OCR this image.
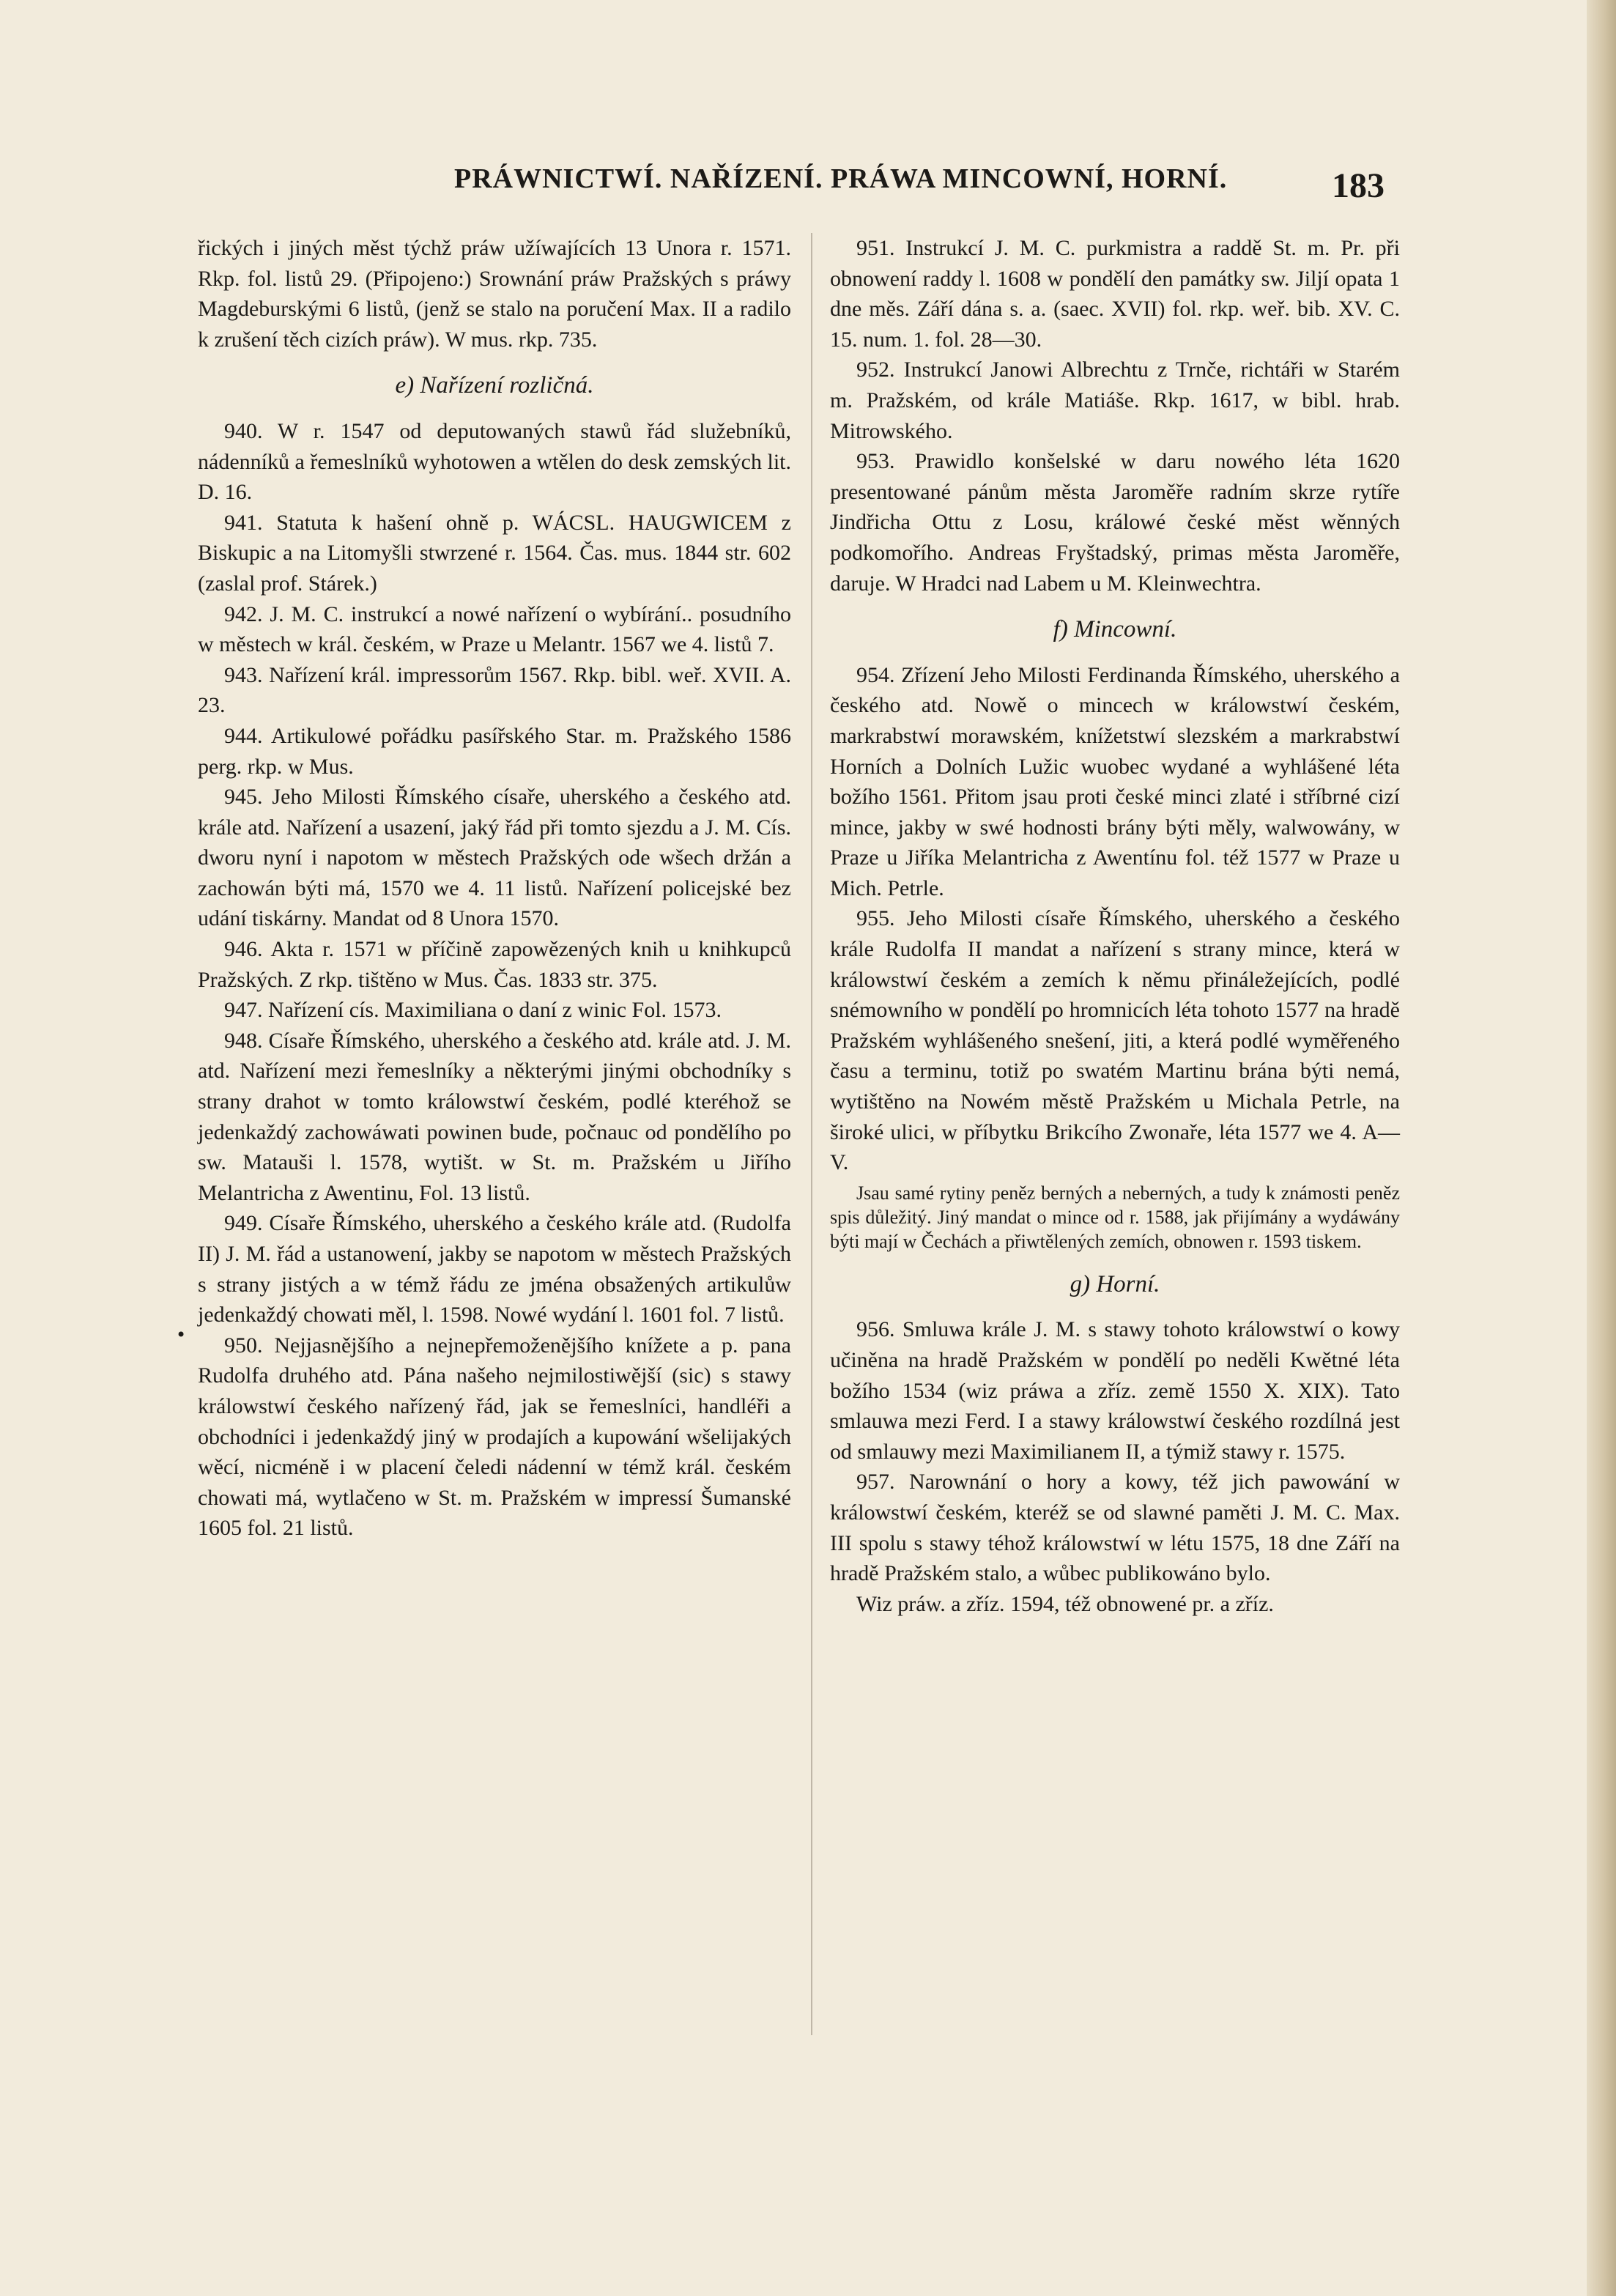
PRÁWNICTWÍ. NAŘÍZENÍ. PRÁWA MINCOWNÍ, HORNÍ.	183

řických i jiných měst týchž práw užíwajících 13 Unora r. 1571. Rkp. fol. listů 29. (Připojeno:) Srownání práw Pražských s práwy Magdeburskými 6 listů, (jenž se stalo na poručení Max. II a radilo k zrušení těch cizích práw). W mus. rkp. 735.

e) Nařízení rozličná.

940. W r. 1547 od deputowaných stawů řád služebníků, nádenníků a řemeslníků wyhotowen a wtělen do desk zemských lit. D. 16.

941. Statuta k hašení ohně p. WÁCSL. HAUGWICEM z Biskupic a na Litomyšli stwrzené r. 1564. Čas. mus. 1844 str. 602 (zaslal prof. Stárek.)

942. J. M. C. instrukcí a nowé nařízení o wybírání.. posudního w městech w král. českém, w Praze u Melantr. 1567 we 4. listů 7.

943. Nařízení král. impressorům 1567. Rkp. bibl. weř. XVII. A. 23.

944. Artikulowé pořádku pasířského Star. m. Pražského 1586 perg. rkp. w Mus.

945. Jeho Milosti Římského císaře, uherského a českého atd. krále atd. Nařízení a usazení, jaký řád při tomto sjezdu a J. M. Cís. dworu nyní i napotom w městech Pražských ode wšech držán a zachowán býti má, 1570 we 4. 11 listů. Nařízení policejské bez udání tiskárny. Mandat od 8 Unora 1570.

946. Akta r. 1571 w příčině zapowězených knih u knihkupců Pražských. Z rkp. tištěno w Mus. Čas. 1833 str. 375.

947. Nařízení cís. Maximiliana o daní z winic Fol. 1573.

948. Císaře Římského, uherského a českého atd. krále atd. J. M. atd. Nařízení mezi řemeslníky a některými jinými obchodníky s strany drahot w tomto králowstwí českém, podlé kteréhož se jedenkaždý zachowáwati powinen bude, počnauc od pondělího po sw. Matauši l. 1578, wytišt. w St. m. Pražském u Jiřího Melantricha z Awentinu, Fol. 13 listů.

949. Císaře Římského, uherského a českého krále atd. (Rudolfa II) J. M. řád a ustanowení, jakby se napotom w městech Pražských s strany jistých a w témž řádu ze jména obsažených artikulůw jedenkaždý chowati měl, l. 1598. Nowé wydání l. 1601 fol. 7 listů.

950. Nejjasnějšího a nejnepřemoženějšího knížete a p. pana Rudolfa druhého atd. Pána našeho nejmilostiwější (sic) s stawy králowstwí českého nařízený řád, jak se řemeslníci, handléři a obchodníci i jedenkaždý jiný w prodajích a kupowání wšelijakých wěcí, nicméně i w placení čeledi nádenní w témž král. českém chowati má, wytlačeno w St. m. Pražském w impressí Šumanské 1605 fol. 21 listů.

951. Instrukcí J. M. C. purkmistra a raddě St. m. Pr. při obnowení raddy l. 1608 w pondělí den památky sw. Jiljí opata 1 dne měs. Září dána s. a. (saec. XVII) fol. rkp. weř. bib. XV. C. 15. num. 1. fol. 28—30.

952. Instrukcí Janowi Albrechtu z Trnče, richtáři w Starém m. Pražském, od krále Matiáše. Rkp. 1617, w bibl. hrab. Mitrowského.

953. Prawidlo konšelské w daru nowého léta 1620 presentowané pánům města Jaroměře radním skrze rytíře Jindřicha Ottu z Losu, králowé české měst wěnných podkomořího. Andreas Fryštadský, primas města Jaroměře, daruje. W Hradci nad Labem u M. Kleinwechtra.

f) Mincowní.

954. Zřízení Jeho Milosti Ferdinanda Římského, uherského a českého atd. Nowě o mincech w králowstwí českém, markrabstwí morawském, knížetstwí slezském a markrabstwí Horních a Dolních Lužic wuobec wydané a wyhlášené léta božího 1561. Přitom jsau proti české minci zlaté i stříbrné cizí mince, jakby w swé hodnosti brány býti měly, walwowány, w Praze u Jiříka Melantricha z Awentínu fol. též 1577 w Praze u Mich. Petrle.

955. Jeho Milosti císaře Římského, uherského a českého krále Rudolfa II mandat a nařízení s strany mince, která w králowstwí českém a zemích k němu přináležejících, podlé snémowního w pondělí po hromnicích léta tohoto 1577 na hradě Pražském wyhlášeného snešení, jiti, a která podlé wyměřeného času a terminu, totiž po swatém Martinu brána býti nemá, wytištěno na Nowém městě Pražském u Michala Petrle, na široké ulici, w příbytku Brikcího Zwonaře, léta 1577 we 4. A—V.

Jsau samé rytiny peněz berných a neberných, a tudy k známosti peněz spis důležitý. Jiný mandat o mince od r. 1588, jak přijímány a wydáwány býti mají w Čechách a přiwtělených zemích, obnowen r. 1593 tiskem.

g) Horní.

956. Smluwa krále J. M. s stawy tohoto králowstwí o kowy učiněna na hradě Pražském w pondělí po neděli Kwětné léta božího 1534 (wiz práwa a zříz. země 1550 X. XIX). Tato smlauwa mezi Ferd. I a stawy králowstwí českého rozdílná jest od smlauwy mezi Maximilianem II, a týmiž stawy r. 1575.

957. Narownání o hory a kowy, též jich pawowání w králowstwí českém, kteréž se od slawné paměti J. M. C. Max. III spolu s stawy téhož králowstwí w létu 1575, 18 dne Září na hradě Pražském stalo, a wůbec publikowáno bylo.

Wiz práw. a zříz. 1594, též obnowené pr. a zříz.

•
